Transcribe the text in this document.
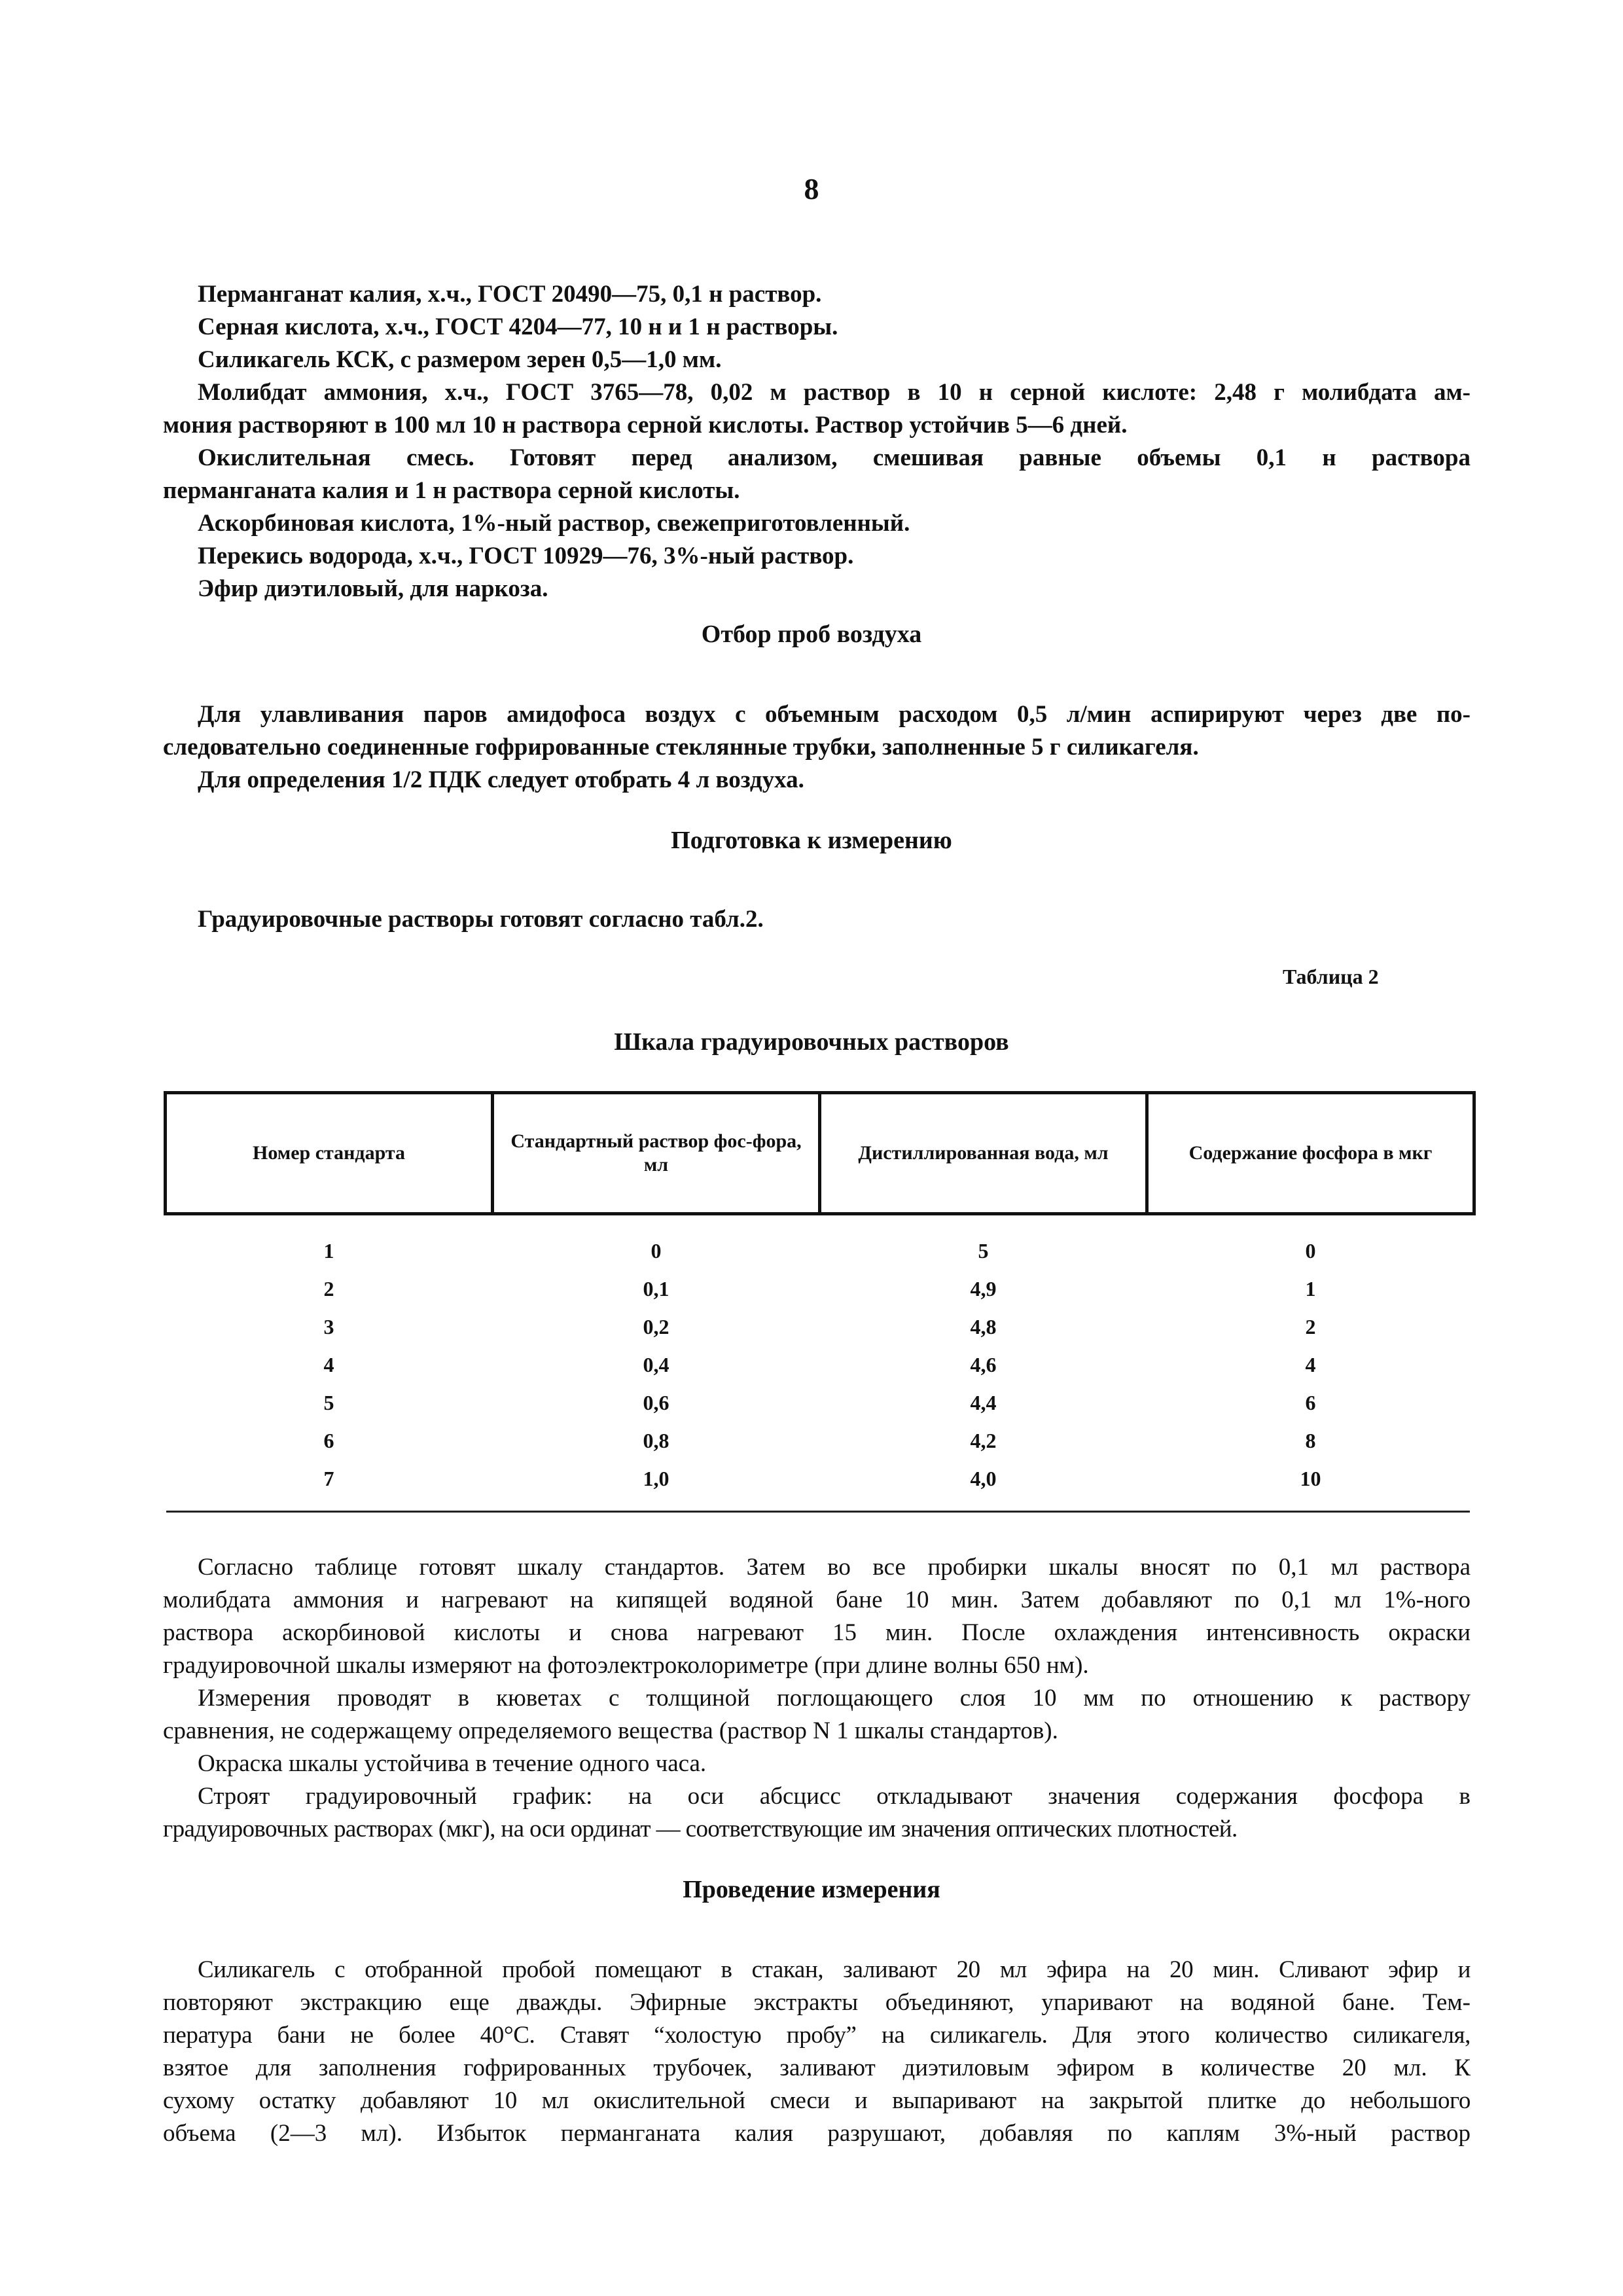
8

Перманганат калия, х.ч., ГОСТ 20490—75, 0,1 н раствор.

Серная кислота, х.ч., ГОСТ 4204—77, 10 н и 1 н растворы.

Силикагель КСК, с размером зерен 0,5—1,0 мм.

Молибдат аммония, х.ч., ГОСТ 3765—78, 0,02 м раствор в 10 н серной кислоте: 2,48 г молибдата ам-

мония растворяют в 100 мл 10 н раствора серной кислоты. Раствор устойчив 5—6 дней.

Окислительная смесь. Готовят перед анализом, смешивая равные объемы 0,1 н раствора

перманганата калия и 1 н раствора серной кислоты.

Аскорбиновая кислота, 1%-ный раствор, свежеприготовленный.

Перекись водорода, х.ч., ГОСТ 10929—76, 3%-ный раствор.

Эфир диэтиловый, для наркоза.

Отбор проб воздуха

Для улавливания паров амидофоса воздух с объемным расходом 0,5 л/мин аспирируют через две по-

следовательно соединенные гофрированные стеклянные трубки, заполненные 5 г силикагеля.

Для определения 1/2 ПДК следует отобрать 4 л воздуха.

Подготовка к измерению

Градуировочные растворы готовят согласно табл.2.

Таблица 2
Шкала градуировочных растворов
Номер стандарта	Стандартный раствор фос-форa, мл	Дистиллированная вода, мл	Содержание фосфора в мкг
1	0	5	0
2	0,1	4,9	1
3	0,2	4,8	2
4	0,4	4,6	4
5	0,6	4,4	6
6	0,8	4,2	8
7	1,0	4,0	10

Согласно таблице готовят шкалу стандартов. Затем во все пробирки шкалы вносят по 0,1 мл раствора

молибдата аммония и нагревают на кипящей водяной бане 10 мин. Затем добавляют по 0,1 мл 1%-ного

раствора аскорбиновой кислоты и снова нагревают 15 мин. После охлаждения интенсивность окраски

градуировочной шкалы измеряют на фотоэлектроколориметре (при длине волны 650 нм).

Измерения проводят в кюветах с толщиной поглощающего слоя 10 мм по отношению к раствору

сравнения, не содержащему определяемого вещества (раствор N 1 шкалы стандартов).

Окраска шкалы устойчива в течение одного часа.

Строят градуировочный график: на оси абсцисс откладывают значения содержания фосфора в

градуировочных растворах (мкг), на оси ординат — соответствующие им значения оптических плотностей.

Проведение измерения

Силикагель с отобранной пробой помещают в стакан, заливают 20 мл эфира на 20 мин. Сливают эфир и

повторяют экстракцию еще дважды. Эфирные экстракты объединяют, упаривают на водяной бане. Тем-

пература бани не более 40°С. Ставят “холостую пробу” на силикагель. Для этого количество силикагеля,

взятое для заполнения гофрированных трубочек, заливают диэтиловым эфиром в количестве 20 мл. К

сухому остатку добавляют 10 мл окислительной смеси и выпаривают на закрытой плитке до небольшого

объема (2—3 мл). Избыток перманганата калия разрушают, добавляя по каплям 3%-ный раствор
